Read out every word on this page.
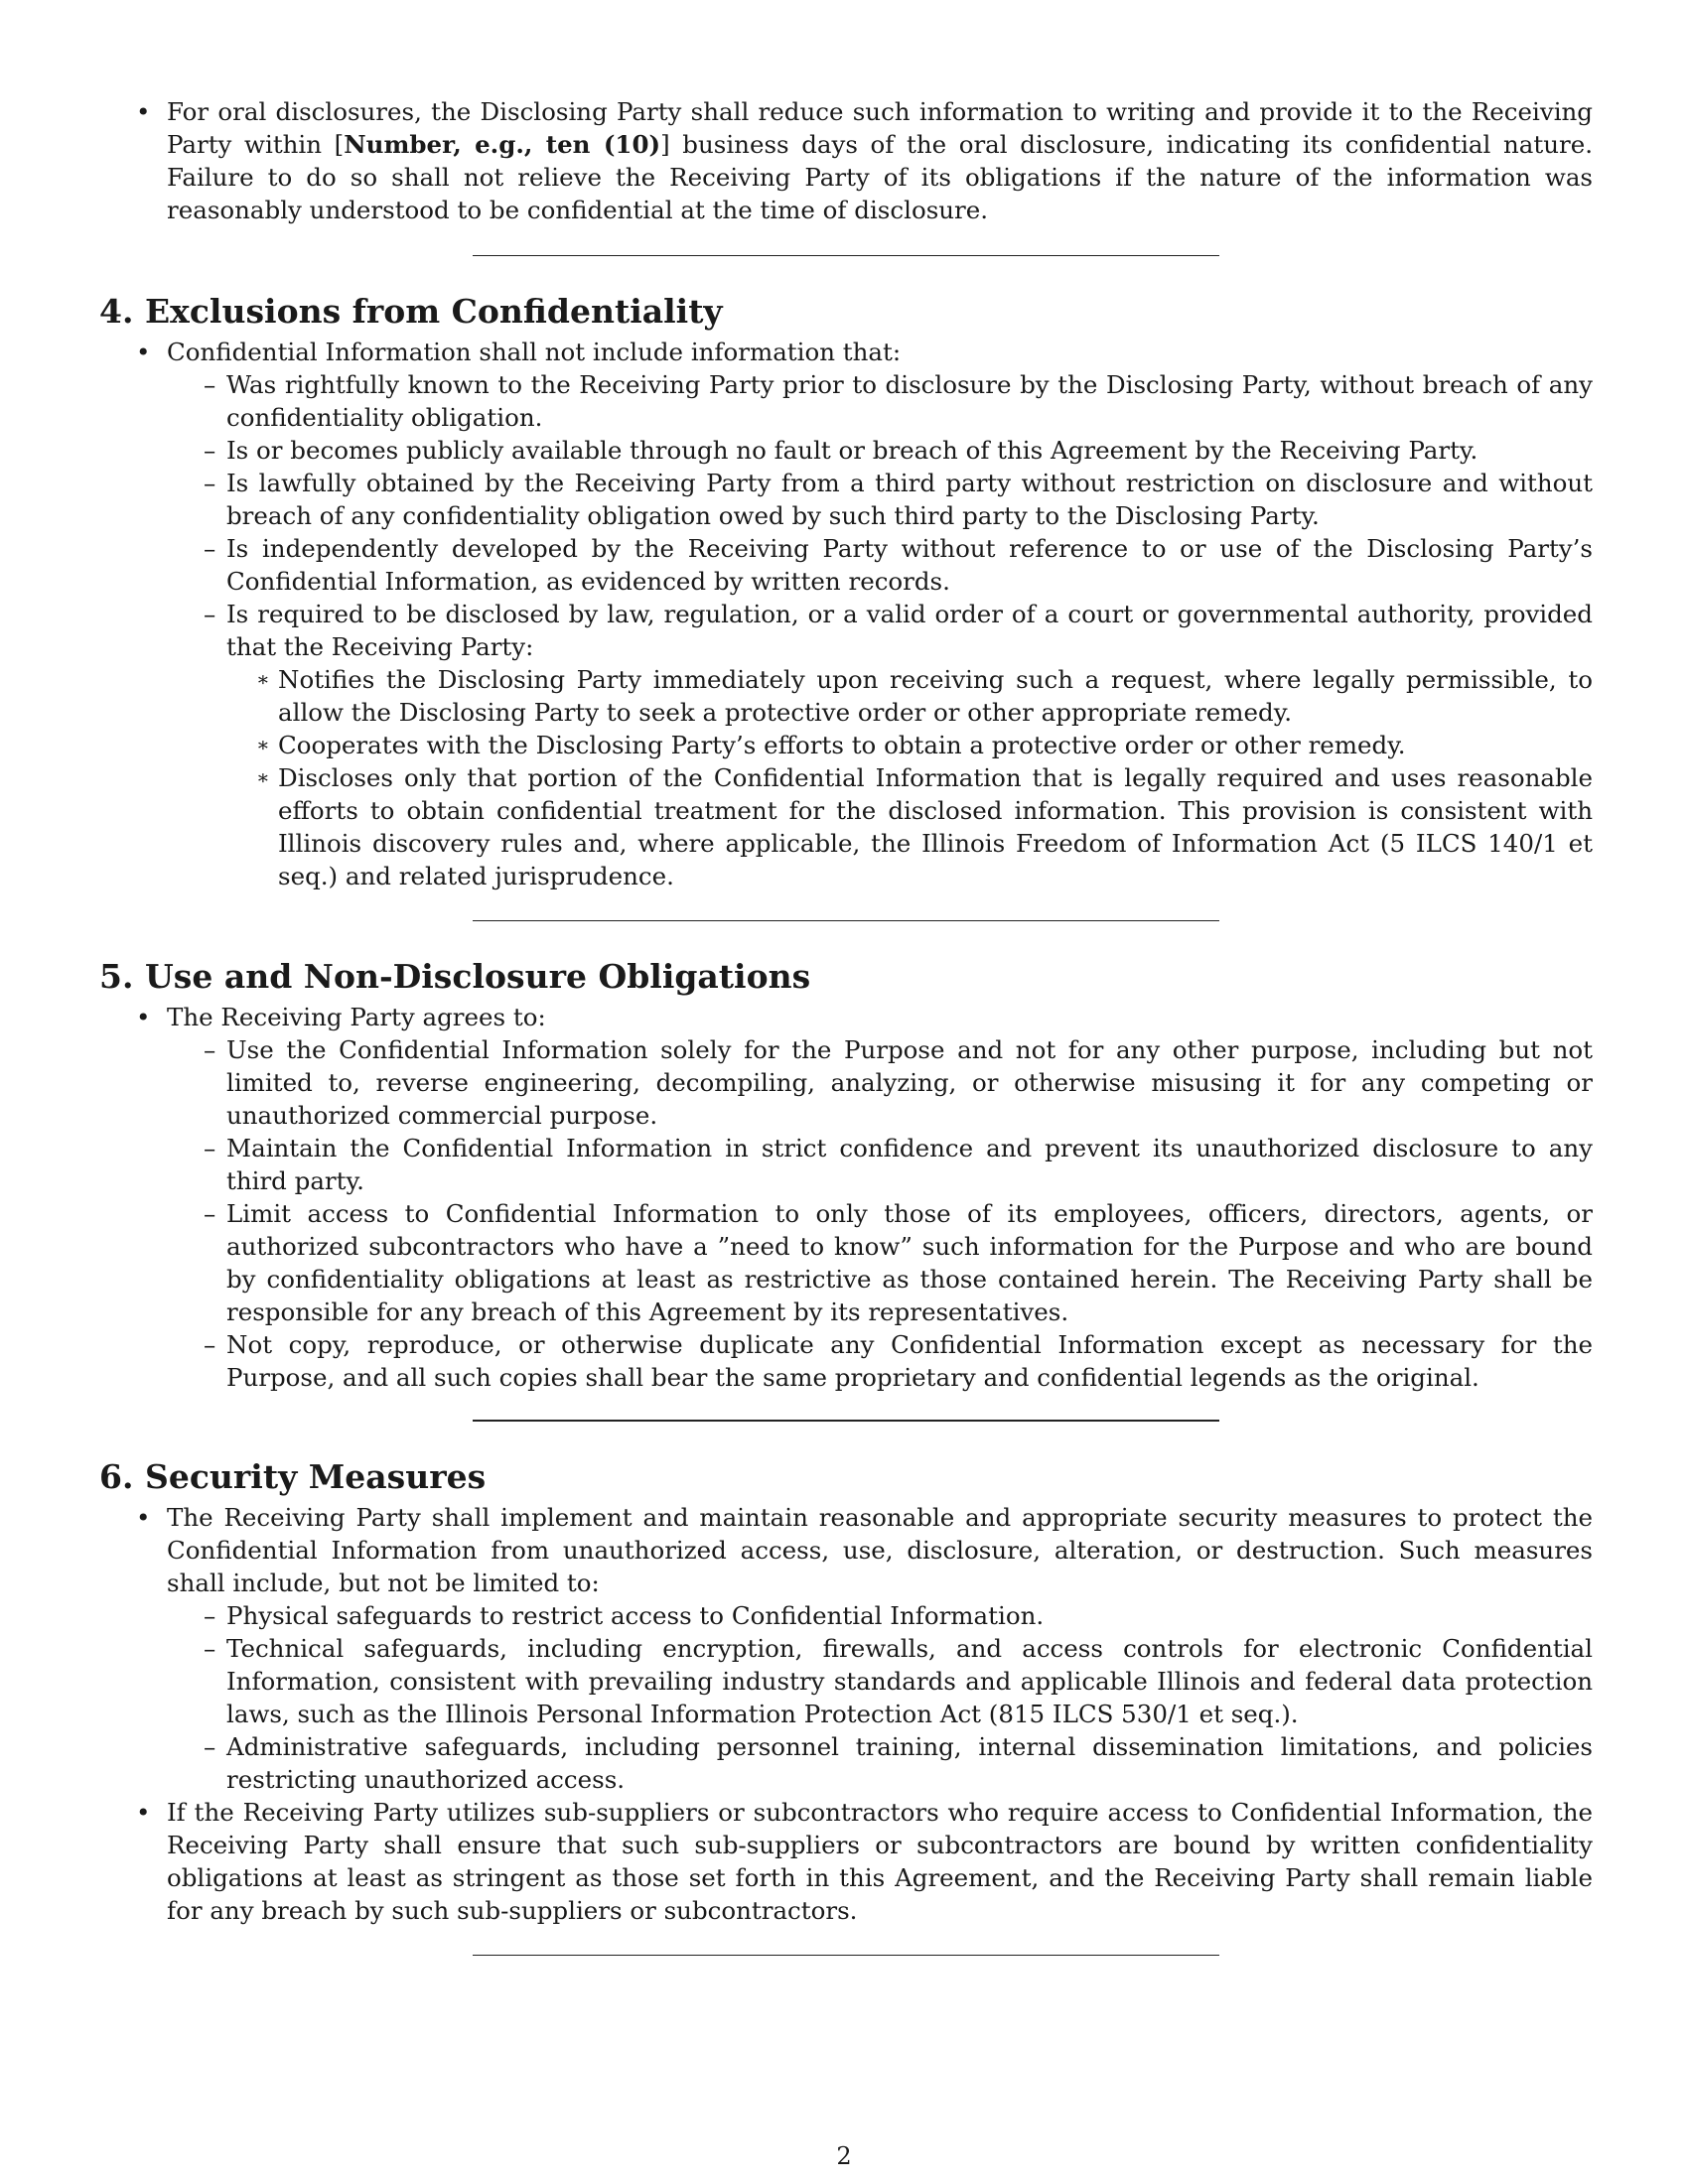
• For oral disclosures, the Disclosing Party shall reduce such information to writing and provide it to the Receiving Party within [Number, e.g., ten (10)] business days of the oral disclosure, indicating its confidential nature. Failure to do so shall not relieve the Receiving Party of its obligations if the nature of the information was reasonably understood to be confidential at the time of disclosure.
4. Exclusions from Confidentiality
• Confidential Information shall not include information that:
– Was rightfully known to the Receiving Party prior to disclosure by the Disclosing Party, without breach of any confidentiality obligation.
– Is or becomes publicly available through no fault or breach of this Agreement by the Receiving Party.
– Is lawfully obtained by the Receiving Party from a third party without restriction on disclosure and without breach of any confidentiality obligation owed by such third party to the Disclosing Party.
– Is independently developed by the Receiving Party without reference to or use of the Disclosing Party’s Confidential Information, as evidenced by written records.
– Is required to be disclosed by law, regulation, or a valid order of a court or governmental authority, provided that the Receiving Party:
∗ Notifies the Disclosing Party immediately upon receiving such a request, where legally permissible, to allow the Disclosing Party to seek a protective order or other appropriate remedy.
∗ Cooperates with the Disclosing Party’s efforts to obtain a protective order or other remedy.
∗ Discloses only that portion of the Confidential Information that is legally required and uses reasonable efforts to obtain confidential treatment for the disclosed information. This provision is consistent with Illinois discovery rules and, where applicable, the Illinois Freedom of Information Act (5 ILCS 140/1 et seq.) and related jurisprudence.
5. Use and Non-Disclosure Obligations
• The Receiving Party agrees to:
– Use the Confidential Information solely for the Purpose and not for any other purpose, including but not limited to, reverse engineering, decompiling, analyzing, or otherwise misusing it for any competing or unauthorized commercial purpose.
– Maintain the Confidential Information in strict confidence and prevent its unauthorized disclosure to any third party.
– Limit access to Confidential Information to only those of its employees, officers, directors, agents, or authorized subcontractors who have a ”need to know” such information for the Purpose and who are bound by confidentiality obligations at least as restrictive as those contained herein. The Receiving Party shall be responsible for any breach of this Agreement by its representatives.
– Not copy, reproduce, or otherwise duplicate any Confidential Information except as necessary for the Purpose, and all such copies shall bear the same proprietary and confidential legends as the original.
6. Security Measures
• The Receiving Party shall implement and maintain reasonable and appropriate security measures to protect the Confidential Information from unauthorized access, use, disclosure, alteration, or destruction. Such measures shall include, but not be limited to:
– Physical safeguards to restrict access to Confidential Information.
– Technical safeguards, including encryption, firewalls, and access controls for electronic Confidential Information, consistent with prevailing industry standards and applicable Illinois and federal data protection laws, such as the Illinois Personal Information Protection Act (815 ILCS 530/1 et seq.).
– Administrative safeguards, including personnel training, internal dissemination limitations, and policies restricting unauthorized access.
• If the Receiving Party utilizes sub-suppliers or subcontractors who require access to Confidential Information, the Receiving Party shall ensure that such sub-suppliers or subcontractors are bound by written confidentiality obligations at least as stringent as those set forth in this Agreement, and the Receiving Party shall remain liable for any breach by such sub-suppliers or subcontractors.
2
